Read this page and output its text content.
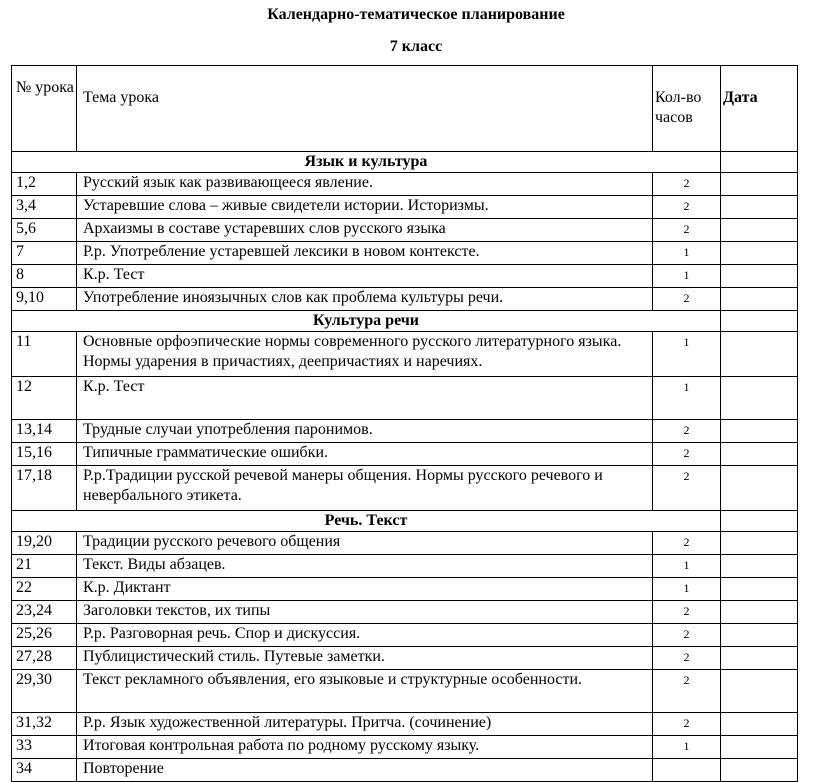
Календарно-тематическое планирование
7 класс
№ урока	Тема урока	Кол-во часов	Дата
Язык и культура			
1,2	Русский язык как развивающееся явление.	2	
3,4	Устаревшие слова – живые свидетели истории. Историзмы.	2	
5,6	Архаизмы в составе устаревших слов русского языка	2	
7	Р.р. Употребление устаревшей лексики в новом контексте.	1	
8	К.р. Тест	1	
9,10	Употребление иноязычных слов как проблема культуры речи.	2	
Культура речи			
11	Основные орфоэпические нормы современного русского литературного языка. Нормы ударения в причастиях, деепричастиях и наречиях.	1	
12	К.р. Тест	1	
13,14	Трудные случаи употребления паронимов.	2	
15,16	Типичные грамматические ошибки.	2	
17,18	Р.р.Традиции русской речевой манеры общения. Нормы русского речевого и невербального этикета.	2	
Речь. Текст			
19,20	Традиции русского речевого общения	2	
21	Текст. Виды абзацев.	1	
22	К.р. Диктант	1	
23,24	Заголовки текстов, их типы	2	
25,26	Р.р. Разговорная речь. Спор и дискуссия.	2	
27,28	Публицистический стиль. Путевые заметки.	2	
29,30	Текст рекламного объявления, его языковые и структурные особенности.	2	
31,32	Р.р. Язык художественной литературы. Притча. (сочинение)	2	
33	Итоговая контрольная работа по родному русскому языку.	1	
34	Повторение		
